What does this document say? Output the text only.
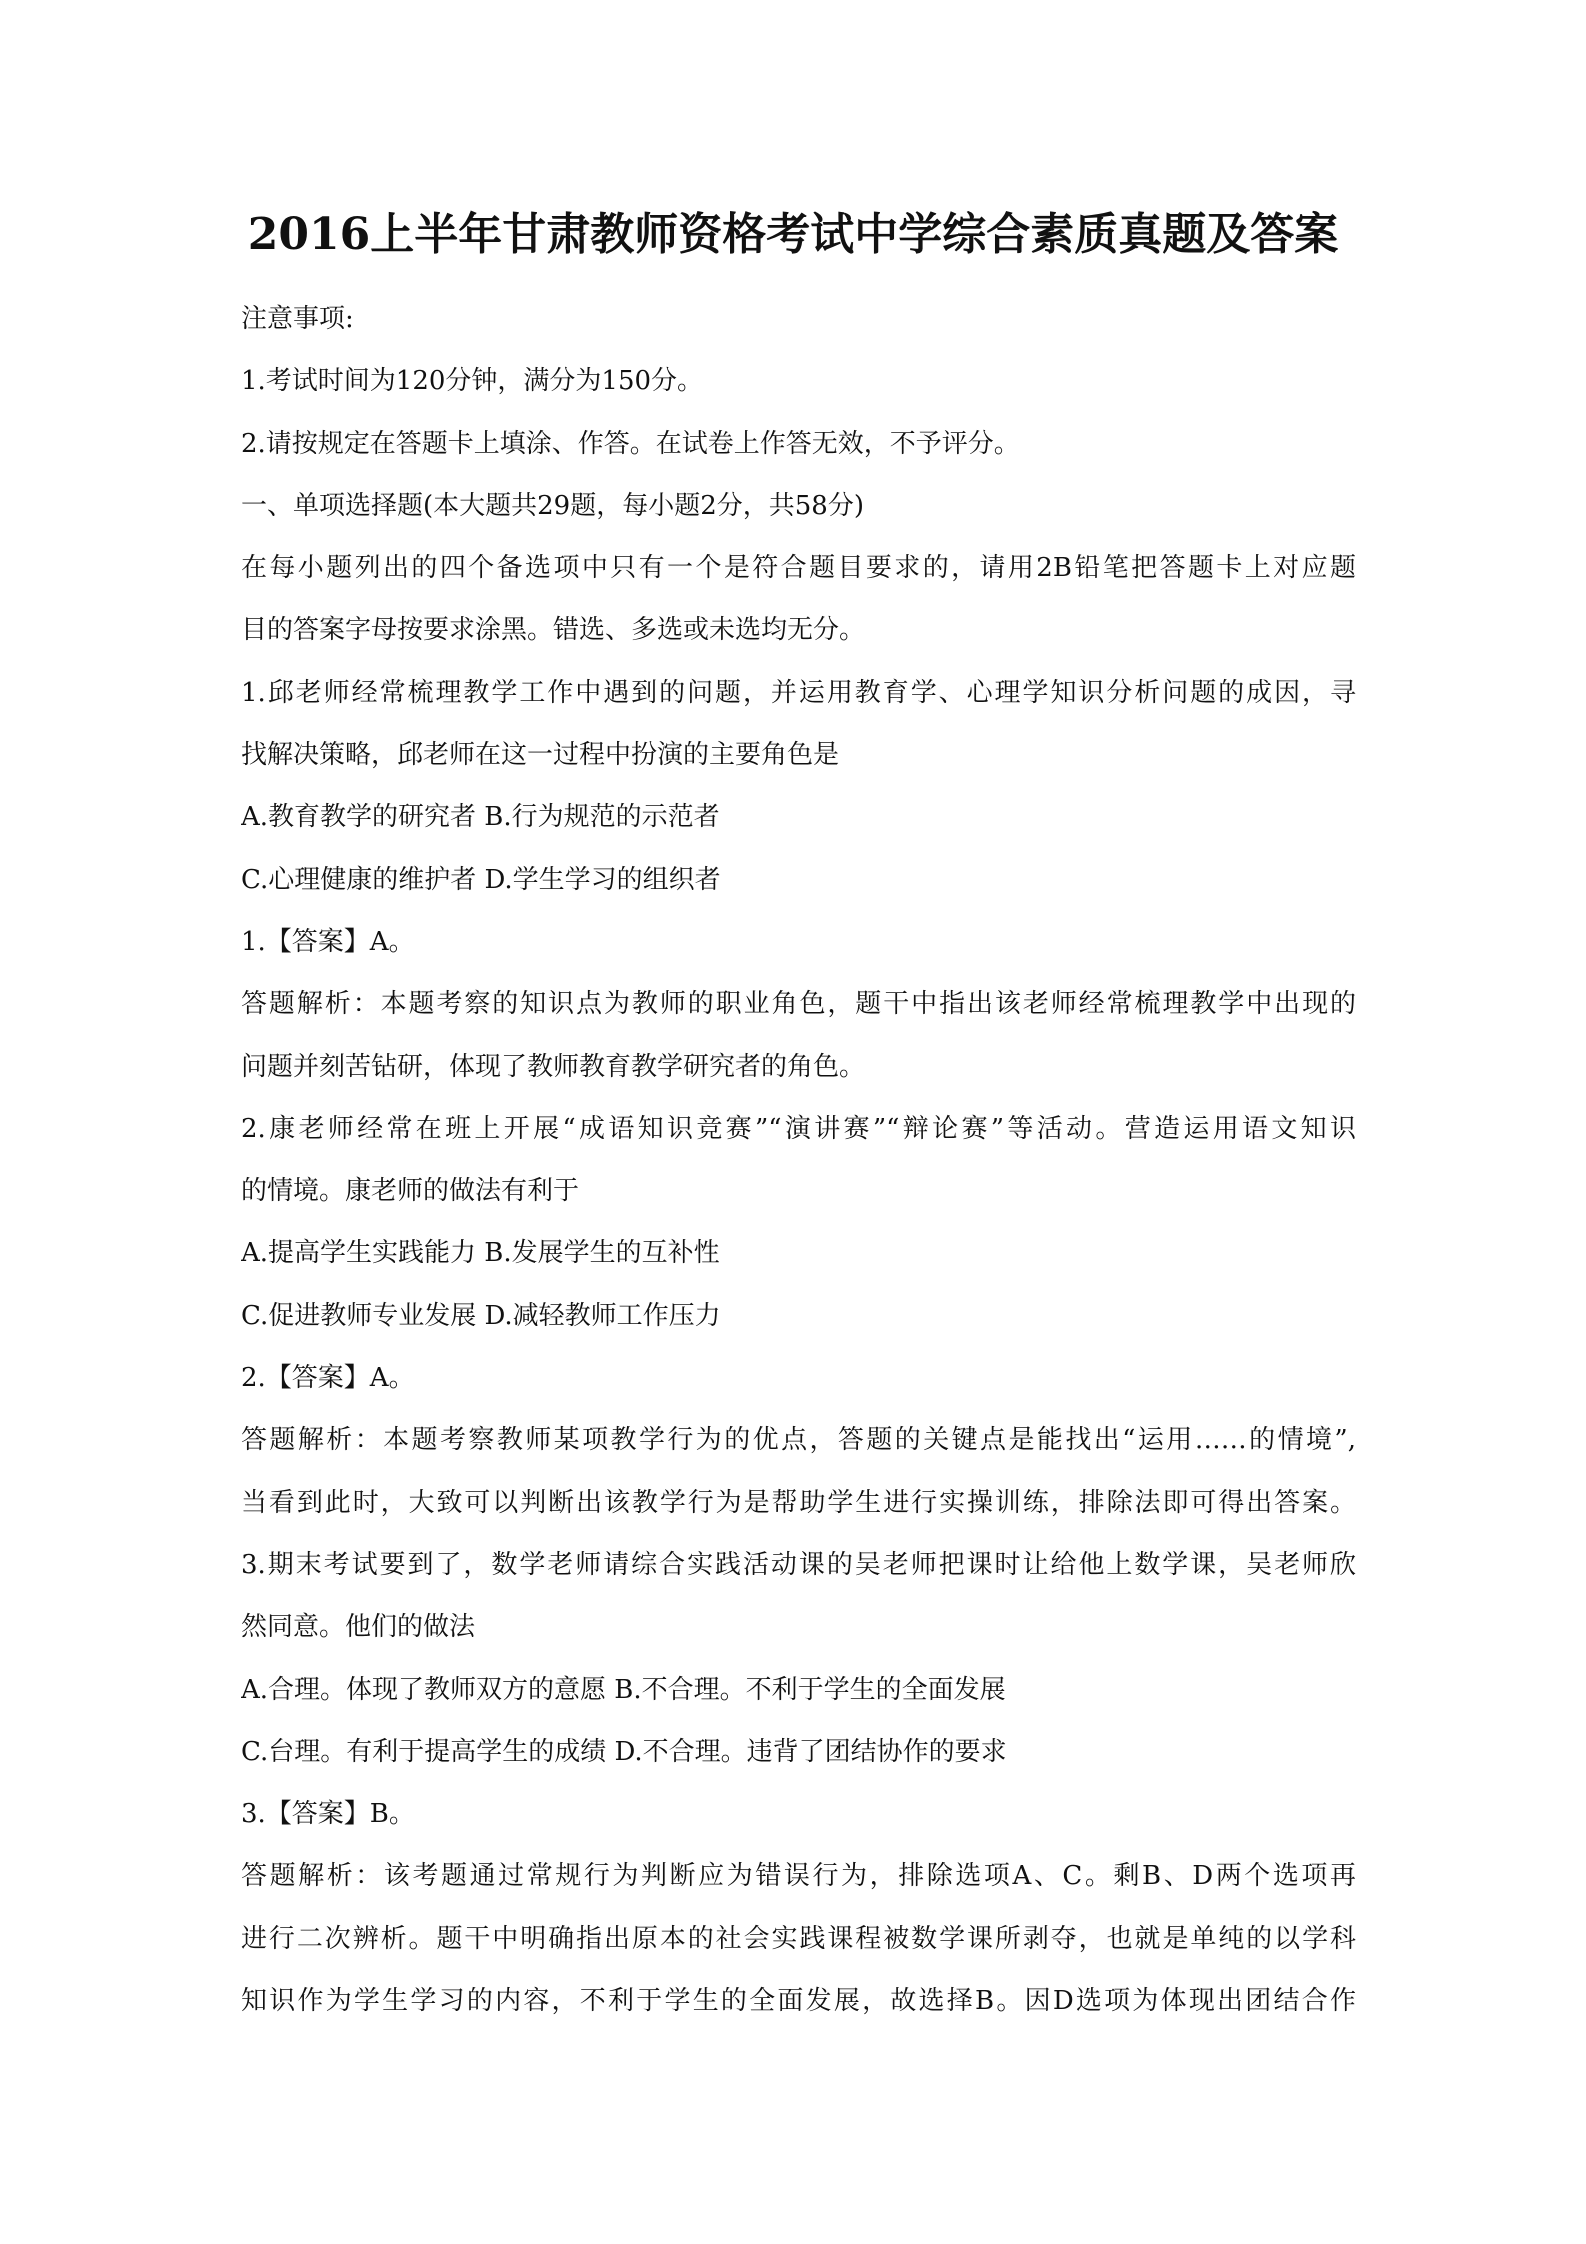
2016上半年甘肃教师资格考试中学综合素质真题及答案
注意事项:
1.考试时间为120分钟，满分为150分。
2.请按规定在答题卡上填涂、作答。在试卷上作答无效，不予评分。
一、单项选择题(本大题共29题，每小题2分，共58分)
在每小题列出的四个备选项中只有一个是符合题目要求的，请用2B铅笔把答题卡上对应题
目的答案字母按要求涂黑。错选、多选或未选均无分。
1.邱老师经常梳理教学工作中遇到的问题，并运用教育学、心理学知识分析问题的成因，寻
找解决策略，邱老师在这一过程中扮演的主要角色是
A.教育教学的研究者 B.行为规范的示范者
C.心理健康的维护者 D.学生学习的组织者
1.【答案】A。
答题解析：本题考察的知识点为教师的职业角色，题干中指出该老师经常梳理教学中出现的
问题并刻苦钻研，体现了教师教育教学研究者的角色。
2.康老师经常在班上开展“成语知识竞赛”“演讲赛”“辩论赛”等活动。营造运用语文知识
的情境。康老师的做法有利于
A.提高学生实践能力 B.发展学生的互补性
C.促进教师专业发展 D.减轻教师工作压力
2.【答案】A。
答题解析：本题考察教师某项教学行为的优点，答题的关键点是能找出“运用……的情境”,
当看到此时，大致可以判断出该教学行为是帮助学生进行实操训练，排除法即可得出答案。
3.期末考试要到了，数学老师请综合实践活动课的吴老师把课时让给他上数学课，吴老师欣
然同意。他们的做法
A.合理。体现了教师双方的意愿 B.不合理。不利于学生的全面发展
C.台理。有利于提高学生的成绩 D.不合理。违背了团结协作的要求
3.【答案】B。
答题解析：该考题通过常规行为判断应为错误行为，排除选项A、C。剩B、D两个选项再
进行二次辨析。题干中明确指出原本的社会实践课程被数学课所剥夺，也就是单纯的以学科
知识作为学生学习的内容，不利于学生的全面发展，故选择B。因D选项为体现出团结合作
